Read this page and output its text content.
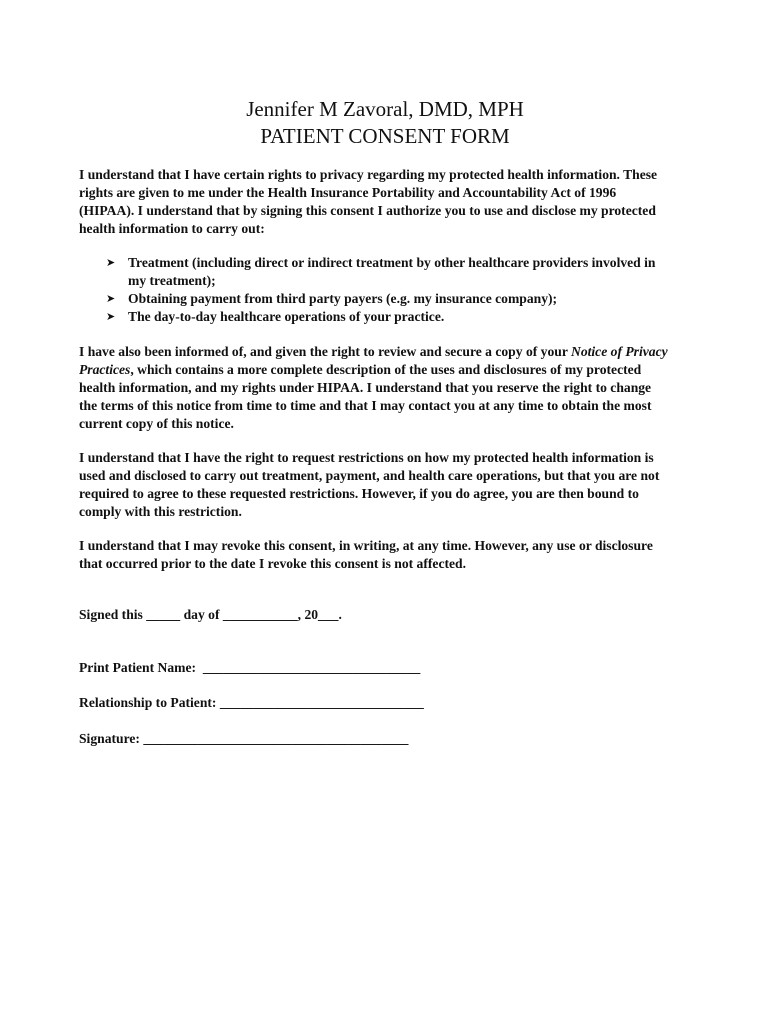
Jennifer M Zavoral, DMD, MPH
PATIENT CONSENT FORM

I understand that I have certain rights to privacy regarding my protected health information. These rights are given to me under the Health Insurance Portability and Accountability Act of 1996 (HIPAA). I understand that by signing this consent I authorize you to use and disclose my protected health information to carry out:

➤ Treatment (including direct or indirect treatment by other healthcare providers involved in my treatment);
➤ Obtaining payment from third party payers (e.g. my insurance company);
➤ The day-to-day healthcare operations of your practice.

I have also been informed of, and given the right to review and secure a copy of your Notice of Privacy Practices, which contains a more complete description of the uses and disclosures of my protected health information, and my rights under HIPAA. I understand that you reserve the right to change the terms of this notice from time to time and that I may contact you at any time to obtain the most current copy of this notice.

I understand that I have the right to request restrictions on how my protected health information is used and disclosed to carry out treatment, payment, and health care operations, but that you are not required to agree to these requested restrictions. However, if you do agree, you are then bound to comply with this restriction.

I understand that I may revoke this consent, in writing, at any time. However, any use or disclosure that occurred prior to the date I revoke this consent is not affected.

Signed this _____ day of ___________, 20___.
Print Patient Name:  ________________________________
Relationship to Patient: ______________________________
Signature: _______________________________________
